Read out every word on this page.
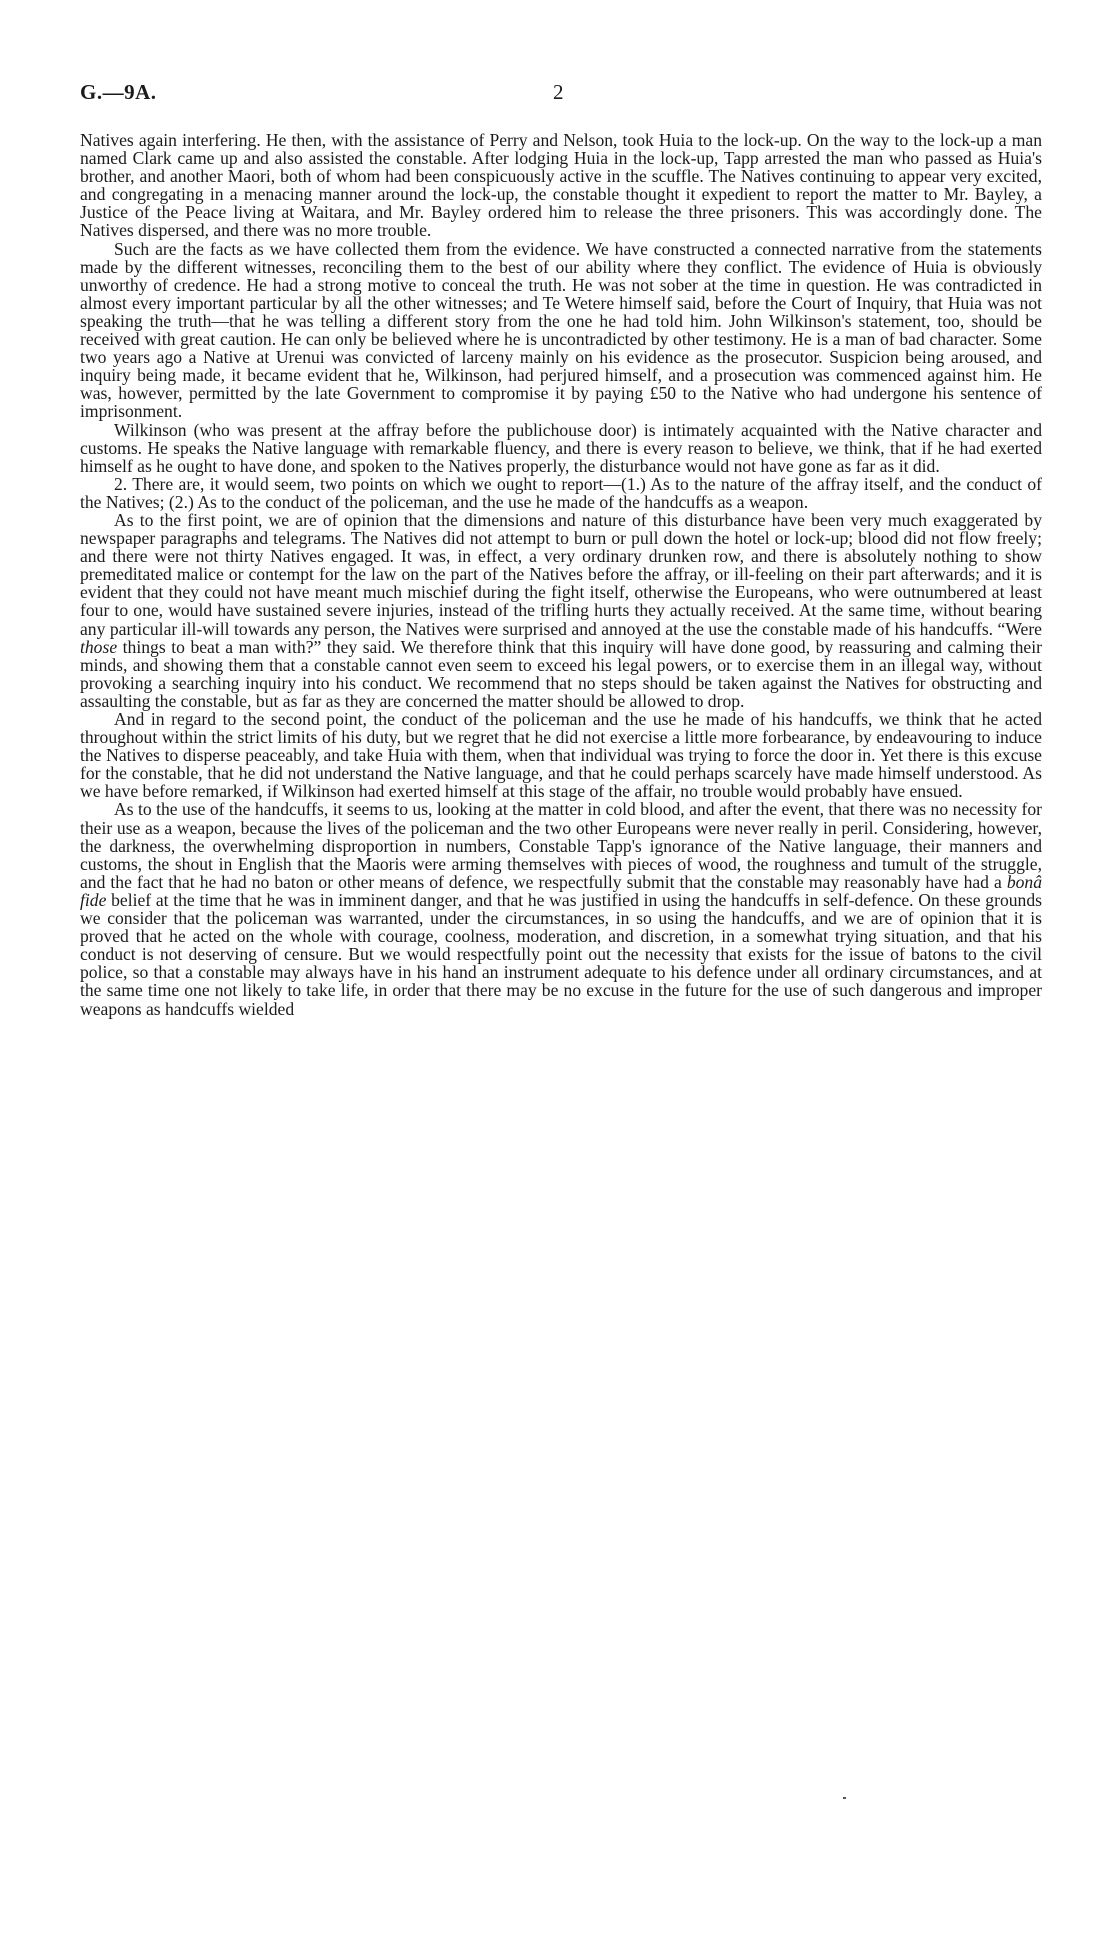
G.—9A.	2

Natives again interfering. He then, with the assistance of Perry and Nelson, took Huia to the lock-up. On the way to the lock-up a man named Clark came up and also assisted the constable. After lodging Huia in the lock-up, Tapp arrested the man who passed as Huia's brother, and another Maori, both of whom had been conspicuously active in the scuffle. The Natives continuing to appear very excited, and congregating in a menacing manner around the lock-up, the constable thought it expedient to report the matter to Mr. Bayley, a Justice of the Peace living at Waitara, and Mr. Bayley ordered him to release the three prisoners. This was accordingly done. The Natives dispersed, and there was no more trouble.

Such are the facts as we have collected them from the evidence. We have constructed a connected narrative from the statements made by the different witnesses, reconciling them to the best of our ability where they conflict. The evidence of Huia is obviously unworthy of credence. He had a strong motive to conceal the truth. He was not sober at the time in question. He was contradicted in almost every important particular by all the other witnesses; and Te Wetere himself said, before the Court of Inquiry, that Huia was not speaking the truth—that he was telling a different story from the one he had told him. John Wilkinson's statement, too, should be received with great caution. He can only be believed where he is uncontradicted by other testimony. He is a man of bad character. Some two years ago a Native at Urenui was convicted of larceny mainly on his evidence as the prosecutor. Suspicion being aroused, and inquiry being made, it became evident that he, Wilkinson, had perjured himself, and a prosecution was commenced against him. He was, however, permitted by the late Government to compromise it by paying £50 to the Native who had undergone his sentence of imprisonment.

Wilkinson (who was present at the affray before the publichouse door) is intimately acquainted with the Native character and customs. He speaks the Native language with remarkable fluency, and there is every reason to believe, we think, that if he had exerted himself as he ought to have done, and spoken to the Natives properly, the disturbance would not have gone as far as it did.

2. There are, it would seem, two points on which we ought to report—(1.) As to the nature of the affray itself, and the conduct of the Natives; (2.) As to the conduct of the policeman, and the use he made of the handcuffs as a weapon.

As to the first point, we are of opinion that the dimensions and nature of this disturbance have been very much exaggerated by newspaper paragraphs and telegrams. The Natives did not attempt to burn or pull down the hotel or lock-up; blood did not flow freely; and there were not thirty Natives engaged. It was, in effect, a very ordinary drunken row, and there is absolutely nothing to show premeditated malice or contempt for the law on the part of the Natives before the affray, or ill-feeling on their part afterwards; and it is evident that they could not have meant much mischief during the fight itself, otherwise the Europeans, who were outnumbered at least four to one, would have sustained severe injuries, instead of the trifling hurts they actually received. At the same time, without bearing any particular ill-will towards any person, the Natives were surprised and annoyed at the use the constable made of his handcuffs. “Were those things to beat a man with?” they said. We therefore think that this inquiry will have done good, by reassuring and calming their minds, and showing them that a constable cannot even seem to exceed his legal powers, or to exercise them in an illegal way, without provoking a searching inquiry into his conduct. We recommend that no steps should be taken against the Natives for obstructing and assaulting the constable, but as far as they are concerned the matter should be allowed to drop.

And in regard to the second point, the conduct of the policeman and the use he made of his handcuffs, we think that he acted throughout within the strict limits of his duty, but we regret that he did not exercise a little more forbearance, by endeavouring to induce the Natives to disperse peaceably, and take Huia with them, when that individual was trying to force the door in. Yet there is this excuse for the constable, that he did not understand the Native language, and that he could perhaps scarcely have made himself understood. As we have before remarked, if Wilkinson had exerted himself at this stage of the affair, no trouble would probably have ensued.

As to the use of the handcuffs, it seems to us, looking at the matter in cold blood, and after the event, that there was no necessity for their use as a weapon, because the lives of the policeman and the two other Europeans were never really in peril. Considering, however, the darkness, the overwhelming disproportion in numbers, Constable Tapp's ignorance of the Native language, their manners and customs, the shout in English that the Maoris were arming themselves with pieces of wood, the roughness and tumult of the struggle, and the fact that he had no baton or other means of defence, we respectfully submit that the constable may reasonably have had a bonâ fide belief at the time that he was in imminent danger, and that he was justified in using the handcuffs in self-defence. On these grounds we consider that the policeman was warranted, under the circumstances, in so using the handcuffs, and we are of opinion that it is proved that he acted on the whole with courage, coolness, moderation, and discretion, in a somewhat trying situation, and that his conduct is not deserving of censure. But we would respectfully point out the necessity that exists for the issue of batons to the civil police, so that a constable may always have in his hand an instrument adequate to his defence under all ordinary circumstances, and at the same time one not likely to take life, in order that there may be no excuse in the future for the use of such dangerous and improper weapons as handcuffs wielded
